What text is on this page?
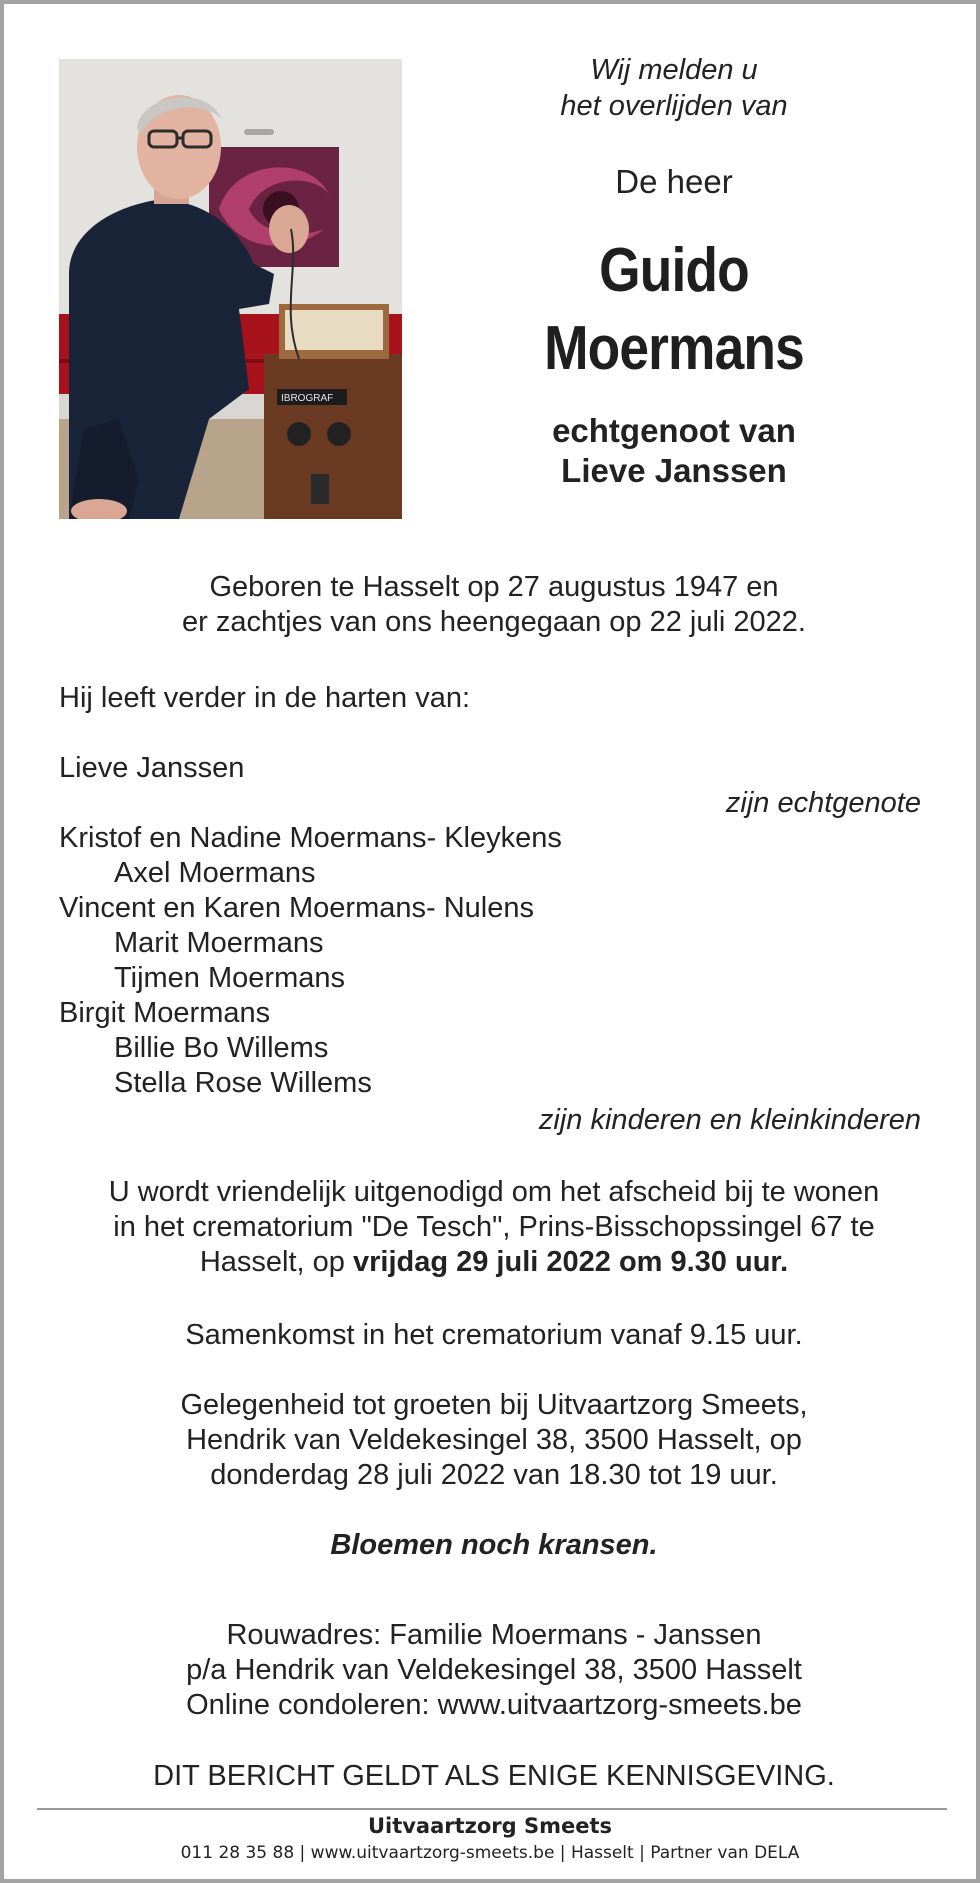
IBROGRAF
Wij melden u
het overlijden van
De heer
Guido
Moermans
echtgenoot van
Lieve Janssen
Geboren te Hasselt op 27 augustus 1947 en
er zachtjes van ons heengegaan op 22 juli 2022.
Hij leeft verder in de harten van:
Lieve Janssen
zijn echtgenote
Kristof en Nadine Moermans- Kleykens
Axel Moermans
Vincent en Karen Moermans- Nulens
Marit Moermans
Tijmen Moermans
Birgit Moermans
Billie Bo Willems
Stella Rose Willems
zijn kinderen en kleinkinderen
U wordt vriendelijk uitgenodigd om het afscheid bij te wonen
in het crematorium "De Tesch", Prins-Bisschopssingel 67 te
Hasselt, op vrijdag 29 juli 2022 om 9.30 uur.
Samenkomst in het crematorium vanaf 9.15 uur.
Gelegenheid tot groeten bij Uitvaartzorg Smeets,
Hendrik van Veldekesingel 38, 3500 Hasselt, op
donderdag 28 juli 2022 van 18.30 tot 19 uur.
Bloemen noch kransen.
Rouwadres: Familie Moermans - Janssen
p/a Hendrik van Veldekesingel 38, 3500 Hasselt
Online condoleren: www.uitvaartzorg-smeets.be
DIT BERICHT GELDT ALS ENIGE KENNISGEVING.
Uitvaartzorg Smeets
011 28 35 88 | www.uitvaartzorg-smeets.be | Hasselt | Partner van DELA
